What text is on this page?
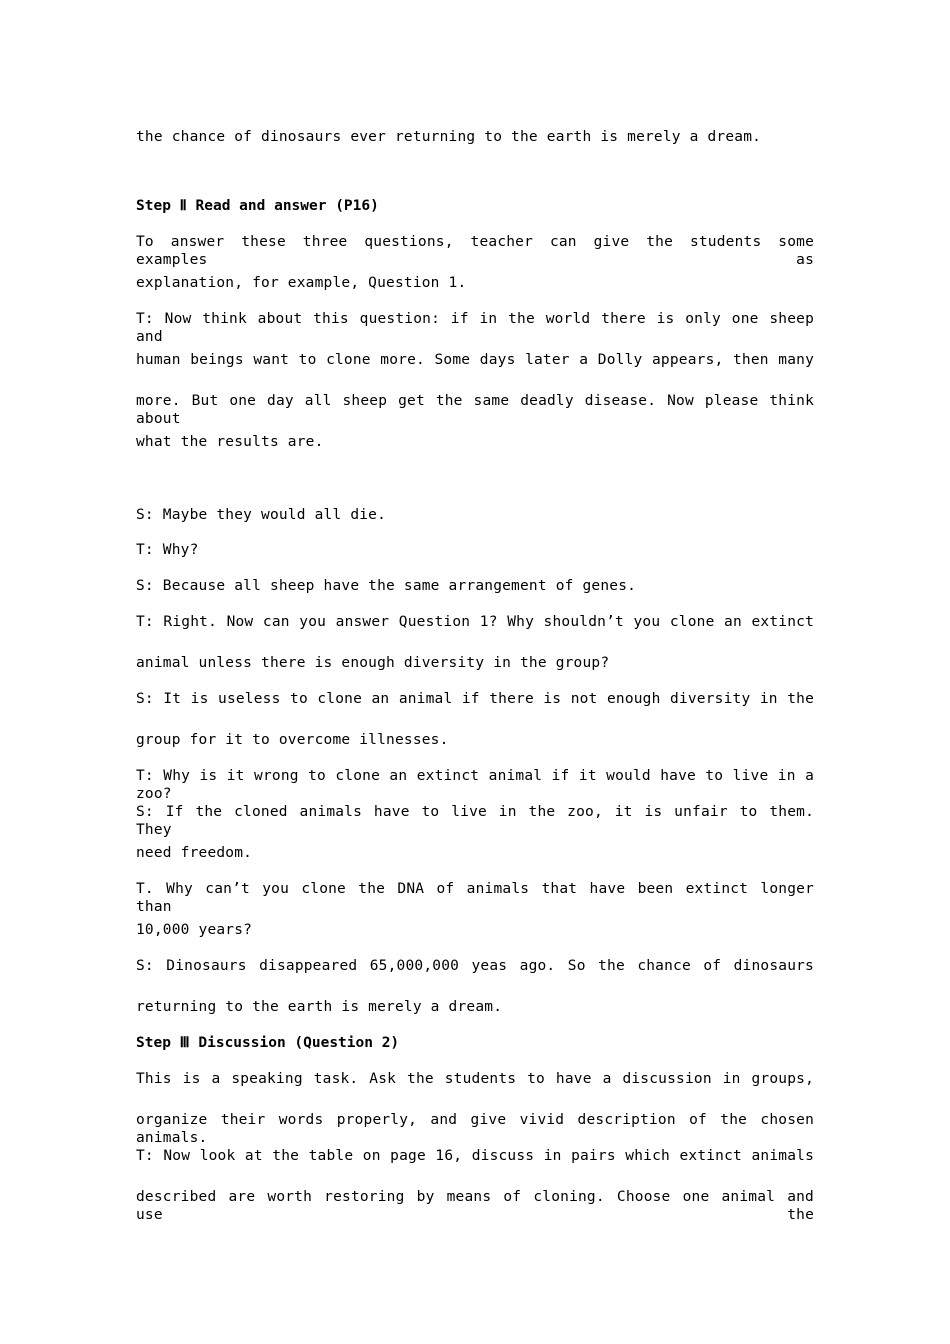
the chance of dinosaurs ever returning to the earth is merely a dream.
Step Ⅱ Read and answer (P16)
To answer these three questions, teacher can give the students some examples as
explanation, for example, Question 1.
T: Now think about this question: if in the world there is only one sheep and
human beings want to clone more. Some days later a Dolly appears, then many
more. But one day all sheep get the same deadly disease. Now please think about
what the results are.
S: Maybe they would all die.
T: Why?
S: Because all sheep have the same arrangement of genes.
T: Right. Now can you answer Question 1? Why shouldn’t you clone an extinct
animal unless there is enough diversity in the group?
S: It is useless to clone an animal if there is not enough diversity in the
group for it to overcome illnesses.
T: Why is it wrong to clone an extinct animal if it would have to live in a zoo?
S: If the cloned animals have to live in the zoo, it is unfair to them. They
need freedom.
T. Why can’t you clone the DNA of animals that have been extinct longer than
10,000 years?
S: Dinosaurs disappeared 65,000,000 yeas ago. So the chance of dinosaurs
returning to the earth is merely a dream.
Step Ⅲ Discussion (Question 2)
This is a speaking task. Ask the students to have a discussion in groups,
organize their words properly, and give vivid description of the chosen animals.
T: Now look at the table on page 16, discuss in pairs which extinct animals
described are worth restoring by means of cloning. Choose one animal and use the
